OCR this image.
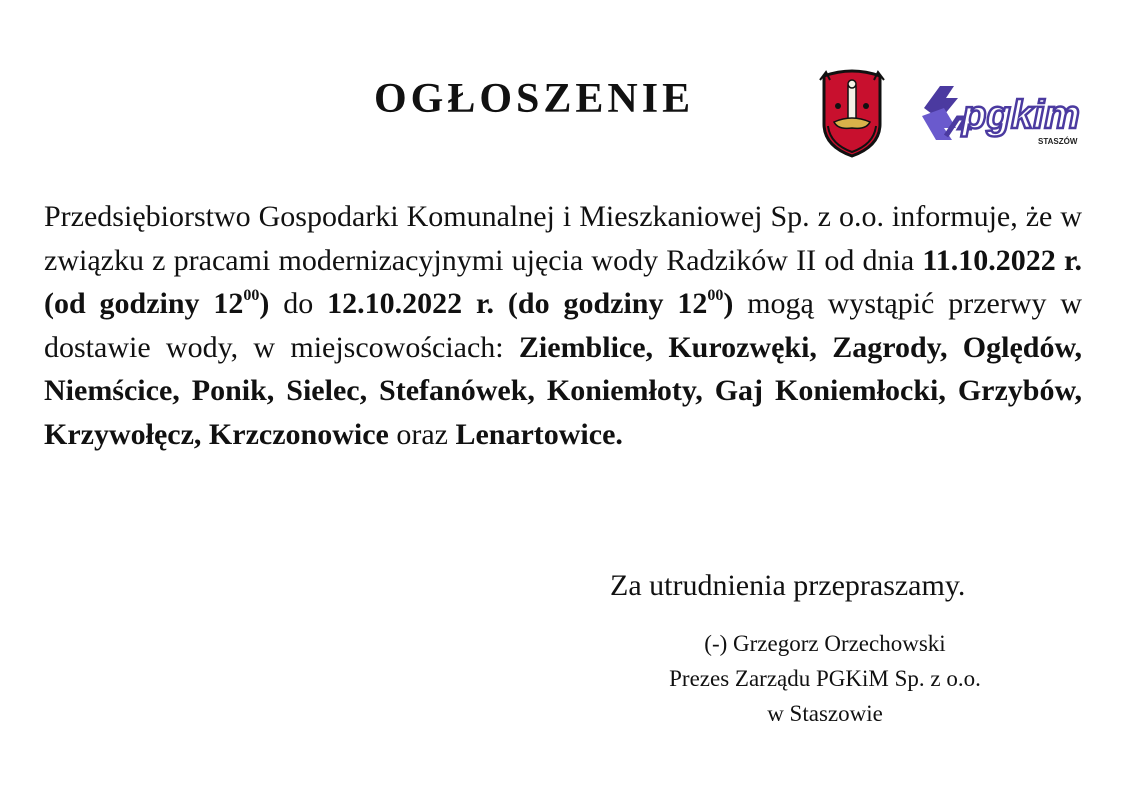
OGŁOSZENIE	pgkim
STASZÓW
Przedsiębiorstwo Gospodarki Komunalnej i Mieszkaniowej Sp. z o.o. informuje, że w związku z pracami modernizacyjnymi ujęcia wody Radzików II od dnia 11.10.2022 r. (od godziny $12^{00}$) do 12.10.2022 r. (do godziny $12^{00}$) mogą wystąpić przerwy w dostawie wody, w miejscowościach: Ziemblice, Kurozwęki, Zagrody, Oględów, Niemścice, Ponik, Sielec, Stefanówek, Koniemłoty, Gaj Koniemłocki, Grzybów, Krzywołęcz, Krzczonowice oraz Lenartowice.
Za utrudnienia przepraszamy.
(-) Grzegorz Orzechowski
Prezes Zarządu PGKiM Sp. z o.o.
w Staszowie
